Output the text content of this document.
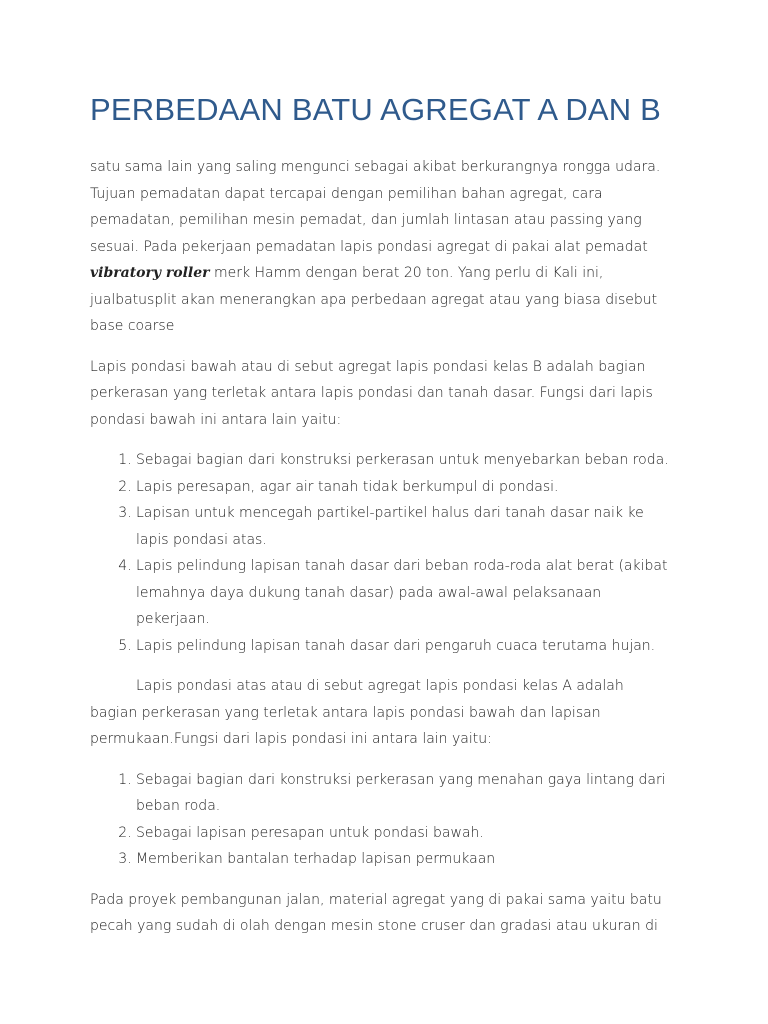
PERBEDAAN BATU AGREGAT A DAN B

satu sama lain yang saling mengunci sebagai akibat berkurangnya rongga udara. Tujuan pemadatan dapat tercapai dengan pemilihan bahan agregat, cara pemadatan, pemilihan mesin pemadat, dan jumlah lintasan atau passing yang sesuai. Pada pekerjaan pemadatan lapis pondasi agregat di pakai alat pemadat vibratory roller merk Hamm dengan berat 20 ton. Yang perlu di Kali ini, jualbatusplit akan menerangkan apa perbedaan agregat atau yang biasa disebut base coarse

Lapis pondasi bawah atau di sebut agregat lapis pondasi kelas B adalah bagian perkerasan yang terletak antara lapis pondasi dan tanah dasar. Fungsi dari lapis pondasi bawah ini antara lain yaitu:

1. Sebagai bagian dari konstruksi perkerasan untuk menyebarkan beban roda.
2. Lapis peresapan, agar air tanah tidak berkumpul di pondasi.
3. Lapisan untuk mencegah partikel-partikel halus dari tanah dasar naik ke lapis pondasi atas.
4. Lapis pelindung lapisan tanah dasar dari beban roda-roda alat berat (akibat lemahnya daya dukung tanah dasar) pada awal-awal pelaksanaan pekerjaan.
5. Lapis pelindung lapisan tanah dasar dari pengaruh cuaca terutama hujan.

Lapis pondasi atas atau di sebut agregat lapis pondasi kelas A adalah bagian perkerasan yang terletak antara lapis pondasi bawah dan lapisan permukaan.Fungsi dari lapis pondasi ini antara lain yaitu:

1. Sebagai bagian dari konstruksi perkerasan yang menahan gaya lintang dari beban roda.
2. Sebagai lapisan peresapan untuk pondasi bawah.
3. Memberikan bantalan terhadap lapisan permukaan

Pada proyek pembangunan jalan, material agregat yang di pakai sama yaitu batu pecah yang sudah di olah dengan mesin stone cruser dan gradasi atau ukuran di
